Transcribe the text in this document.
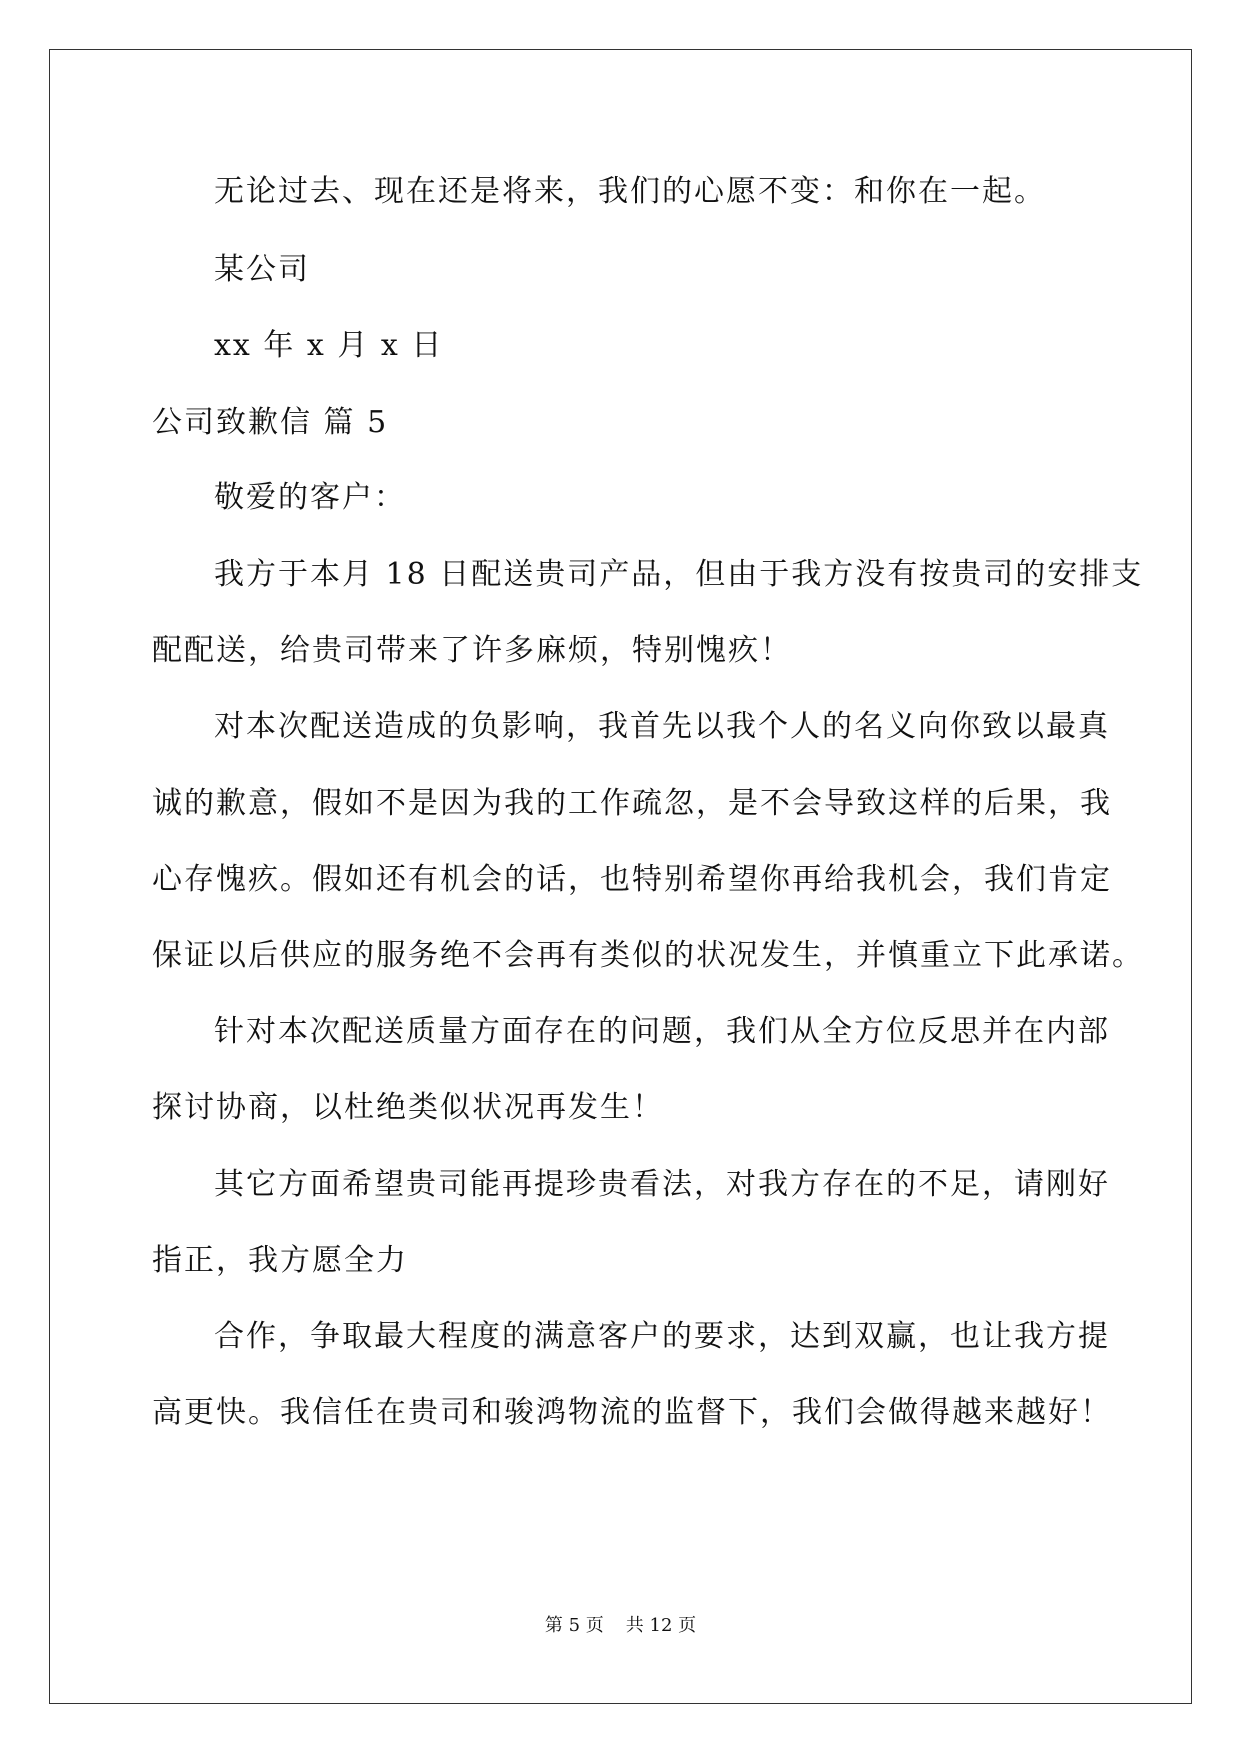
无论过去、现在还是将来，我们的心愿不变：和你在一起。
某公司
xx 年 x 月 x 日
公司致歉信 篇 5
敬爱的客户：
我方于本月 18 日配送贵司产品，但由于我方没有按贵司的安排支
配配送，给贵司带来了许多麻烦，特别愧疚！
对本次配送造成的负影响，我首先以我个人的名义向你致以最真
诚的歉意，假如不是因为我的工作疏忽，是不会导致这样的后果，我
心存愧疚。假如还有机会的话，也特别希望你再给我机会，我们肯定
保证以后供应的服务绝不会再有类似的状况发生，并慎重立下此承诺。
针对本次配送质量方面存在的问题，我们从全方位反思并在内部
探讨协商，以杜绝类似状况再发生！
其它方面希望贵司能再提珍贵看法，对我方存在的不足，请刚好
指正，我方愿全力
合作，争取最大程度的满意客户的要求，达到双赢，也让我方提
高更快。我信任在贵司和骏鸿物流的监督下，我们会做得越来越好！
第 5 页 共 12 页
